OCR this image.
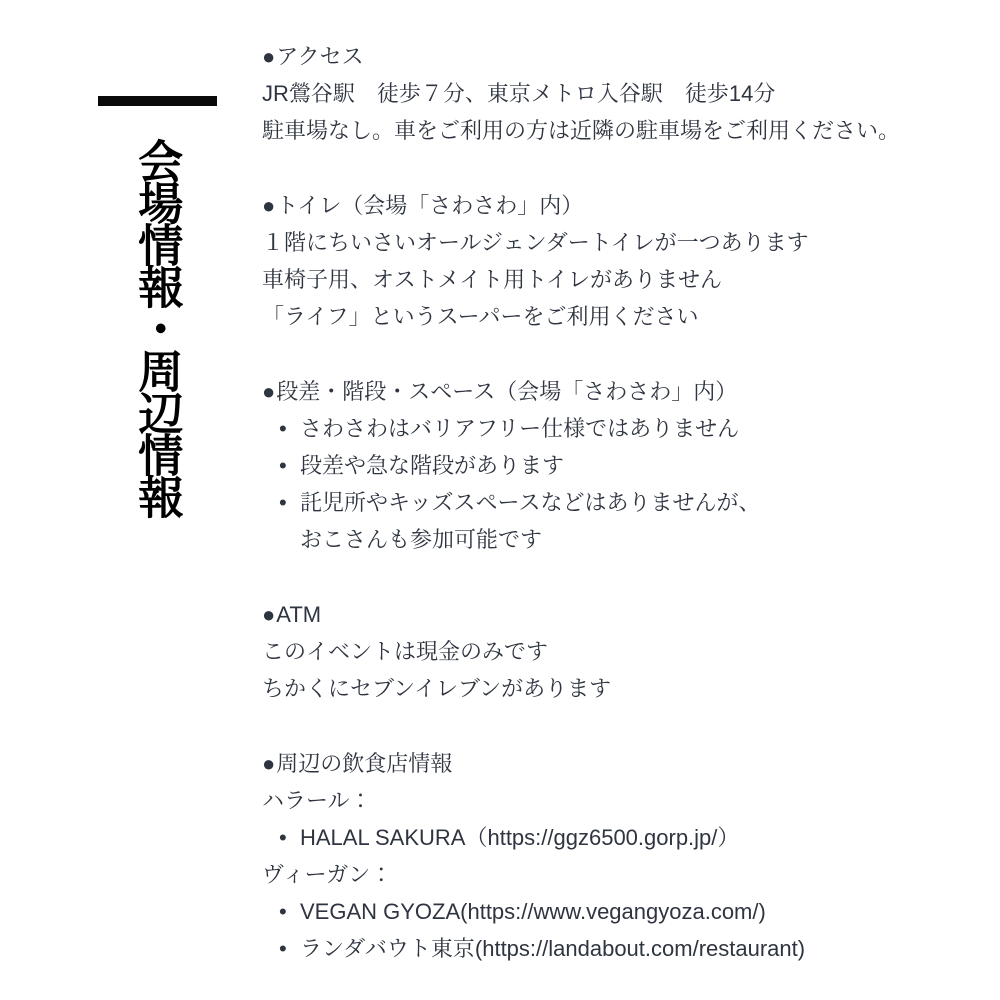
会場情報・周辺情報
●アクセス

JR鶯谷駅　徒歩７分、東京メトロ入谷駅　徒歩14分

駐車場なし。車をご利用の方は近隣の駐車場をご利用ください。

●トイレ（会場「さわさわ」内）

１階にちいさいオールジェンダートイレが一つあります

車椅子用、オストメイト用トイレがありません

「ライフ」というスーパーをご利用ください

●段差・階段・スペース（会場「さわさわ」内）
• さわさわはバリアフリー仕様ではありません
• 段差や急な階段があります
• 託児所やキッズスペースなどはありませんが、おこさんも参加可能です
●ATM

このイベントは現金のみです

ちかくにセブンイレブンがあります

●周辺の飲食店情報

ハラール：

• HALAL SAKURA（https://ggz6500.gorp.jp/）

ヴィーガン：

• VEGAN GYOZA(https://www.vegangyoza.com/)
• ランダバウト東京(https://landabout.com/restaurant)
